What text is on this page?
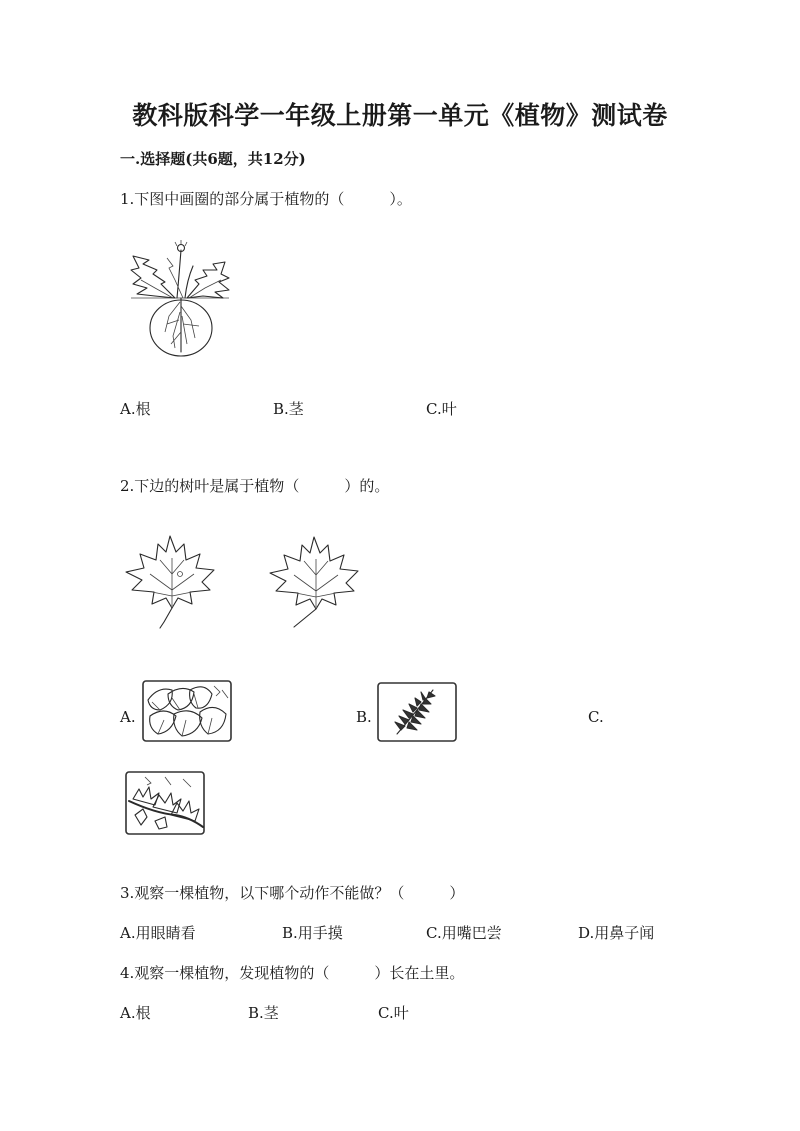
教科版科学一年级上册第一单元《植物》测试卷
一.选择题(共6题，共12分)
1.下图中画圈的部分属于植物的（　　　）。
A.根	B.茎	C.叶
2.下边的树叶是属于植物（　　　）的。
A.	B.	C.
3.观察一棵植物，以下哪个动作不能做？（　　　）
A.用眼睛看	B.用手摸	C.用嘴巴尝	D.用鼻子闻
4.观察一棵植物，发现植物的（　　　）长在土里。
A.根	B.茎	C.叶
